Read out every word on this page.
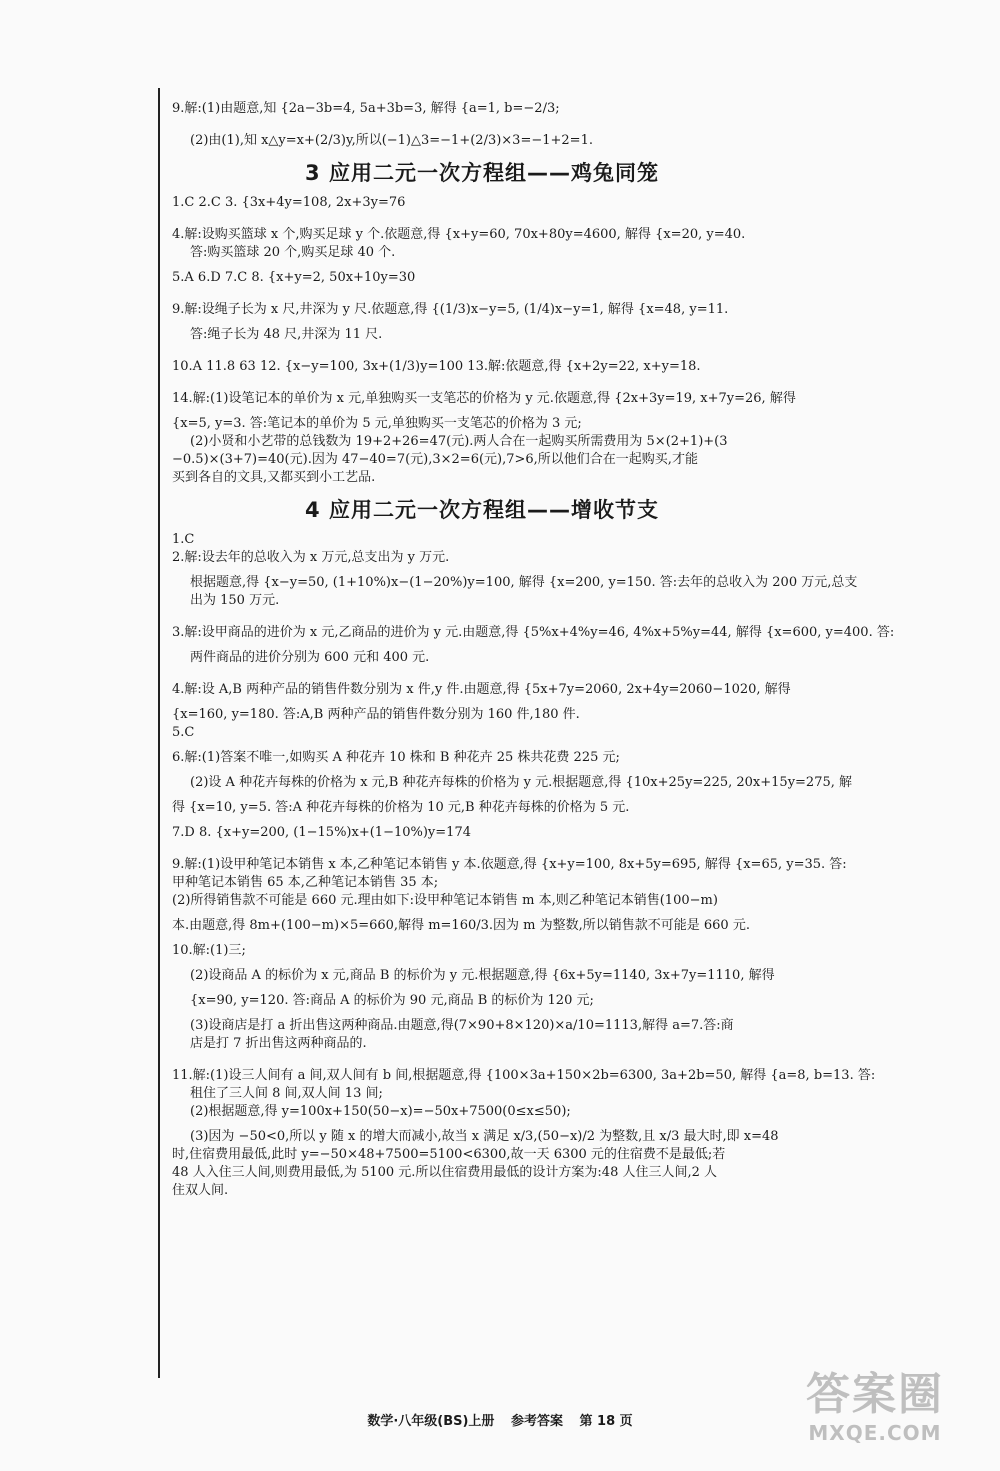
9.解:(1)由题意,知 {2a−3b=4, 5a+3b=3, 解得 {a=1, b=−2/3;
(2)由(1),知 x△y=x+(2/3)y,所以(−1)△3=−1+(2/3)×3=−1+2=1.
3 应用二元一次方程组——鸡兔同笼
1.C 2.C 3. {3x+4y=108, 2x+3y=76
4.解:设购买篮球 x 个,购买足球 y 个.依题意,得 {x+y=60, 70x+80y=4600, 解得 {x=20, y=40.
答:购买篮球 20 个,购买足球 40 个.
5.A 6.D 7.C 8. {x+y=2, 50x+10y=30
9.解:设绳子长为 x 尺,井深为 y 尺.依题意,得 {(1/3)x−y=5, (1/4)x−y=1, 解得 {x=48, y=11.
答:绳子长为 48 尺,井深为 11 尺.
10.A 11.8 63 12. {x−y=100, 3x+(1/3)y=100 13.解:依题意,得 {x+2y=22, x+y=18.
14.解:(1)设笔记本的单价为 x 元,单独购买一支笔芯的价格为 y 元.依题意,得 {2x+3y=19, x+7y=26, 解得
{x=5, y=3. 答:笔记本的单价为 5 元,单独购买一支笔芯的价格为 3 元;
(2)小贤和小艺带的总钱数为 19+2+26=47(元).两人合在一起购买所需费用为 5×(2+1)+(3
−0.5)×(3+7)=40(元).因为 47−40=7(元),3×2=6(元),7>6,所以他们合在一起购买,才能
买到各自的文具,又都买到小工艺品.
4 应用二元一次方程组——增收节支
1.C
2.解:设去年的总收入为 x 万元,总支出为 y 万元.
根据题意,得 {x−y=50, (1+10%)x−(1−20%)y=100, 解得 {x=200, y=150. 答:去年的总收入为 200 万元,总支
出为 150 万元.
3.解:设甲商品的进价为 x 元,乙商品的进价为 y 元.由题意,得 {5%x+4%y=46, 4%x+5%y=44, 解得 {x=600, y=400. 答:
两件商品的进价分别为 600 元和 400 元.
4.解:设 A,B 两种产品的销售件数分别为 x 件,y 件.由题意,得 {5x+7y=2060, 2x+4y=2060−1020, 解得
{x=160, y=180. 答:A,B 两种产品的销售件数分别为 160 件,180 件.
5.C
6.解:(1)答案不唯一,如购买 A 种花卉 10 株和 B 种花卉 25 株共花费 225 元;
(2)设 A 种花卉每株的价格为 x 元,B 种花卉每株的价格为 y 元.根据题意,得 {10x+25y=225, 20x+15y=275, 解
得 {x=10, y=5. 答:A 种花卉每株的价格为 10 元,B 种花卉每株的价格为 5 元.
7.D 8. {x+y=200, (1−15%)x+(1−10%)y=174
9.解:(1)设甲种笔记本销售 x 本,乙种笔记本销售 y 本.依题意,得 {x+y=100, 8x+5y=695, 解得 {x=65, y=35. 答:
甲种笔记本销售 65 本,乙种笔记本销售 35 本;
(2)所得销售款不可能是 660 元.理由如下:设甲种笔记本销售 m 本,则乙种笔记本销售(100−m)
本.由题意,得 8m+(100−m)×5=660,解得 m=160/3.因为 m 为整数,所以销售款不可能是 660 元.
10.解:(1)三;
(2)设商品 A 的标价为 x 元,商品 B 的标价为 y 元.根据题意,得 {6x+5y=1140, 3x+7y=1110, 解得
{x=90, y=120. 答:商品 A 的标价为 90 元,商品 B 的标价为 120 元;
(3)设商店是打 a 折出售这两种商品.由题意,得(7×90+8×120)×a/10=1113,解得 a=7.答:商
店是打 7 折出售这两种商品的.
11.解:(1)设三人间有 a 间,双人间有 b 间,根据题意,得 {100×3a+150×2b=6300, 3a+2b=50, 解得 {a=8, b=13. 答:
租住了三人间 8 间,双人间 13 间;
(2)根据题意,得 y=100x+150(50−x)=−50x+7500(0≤x≤50);
(3)因为 −50<0,所以 y 随 x 的增大而减小,故当 x 满足 x/3,(50−x)/2 为整数,且 x/3 最大时,即 x=48
时,住宿费用最低,此时 y=−50×48+7500=5100<6300,故一天 6300 元的住宿费不是最低;若
48 人入住三人间,则费用最低,为 5100 元.所以住宿费用最低的设计方案为:48 人住三人间,2 人
住双人间.
数学·八年级(BS)上册 参考答案 第 18 页
答案圈
MXQE.COM
